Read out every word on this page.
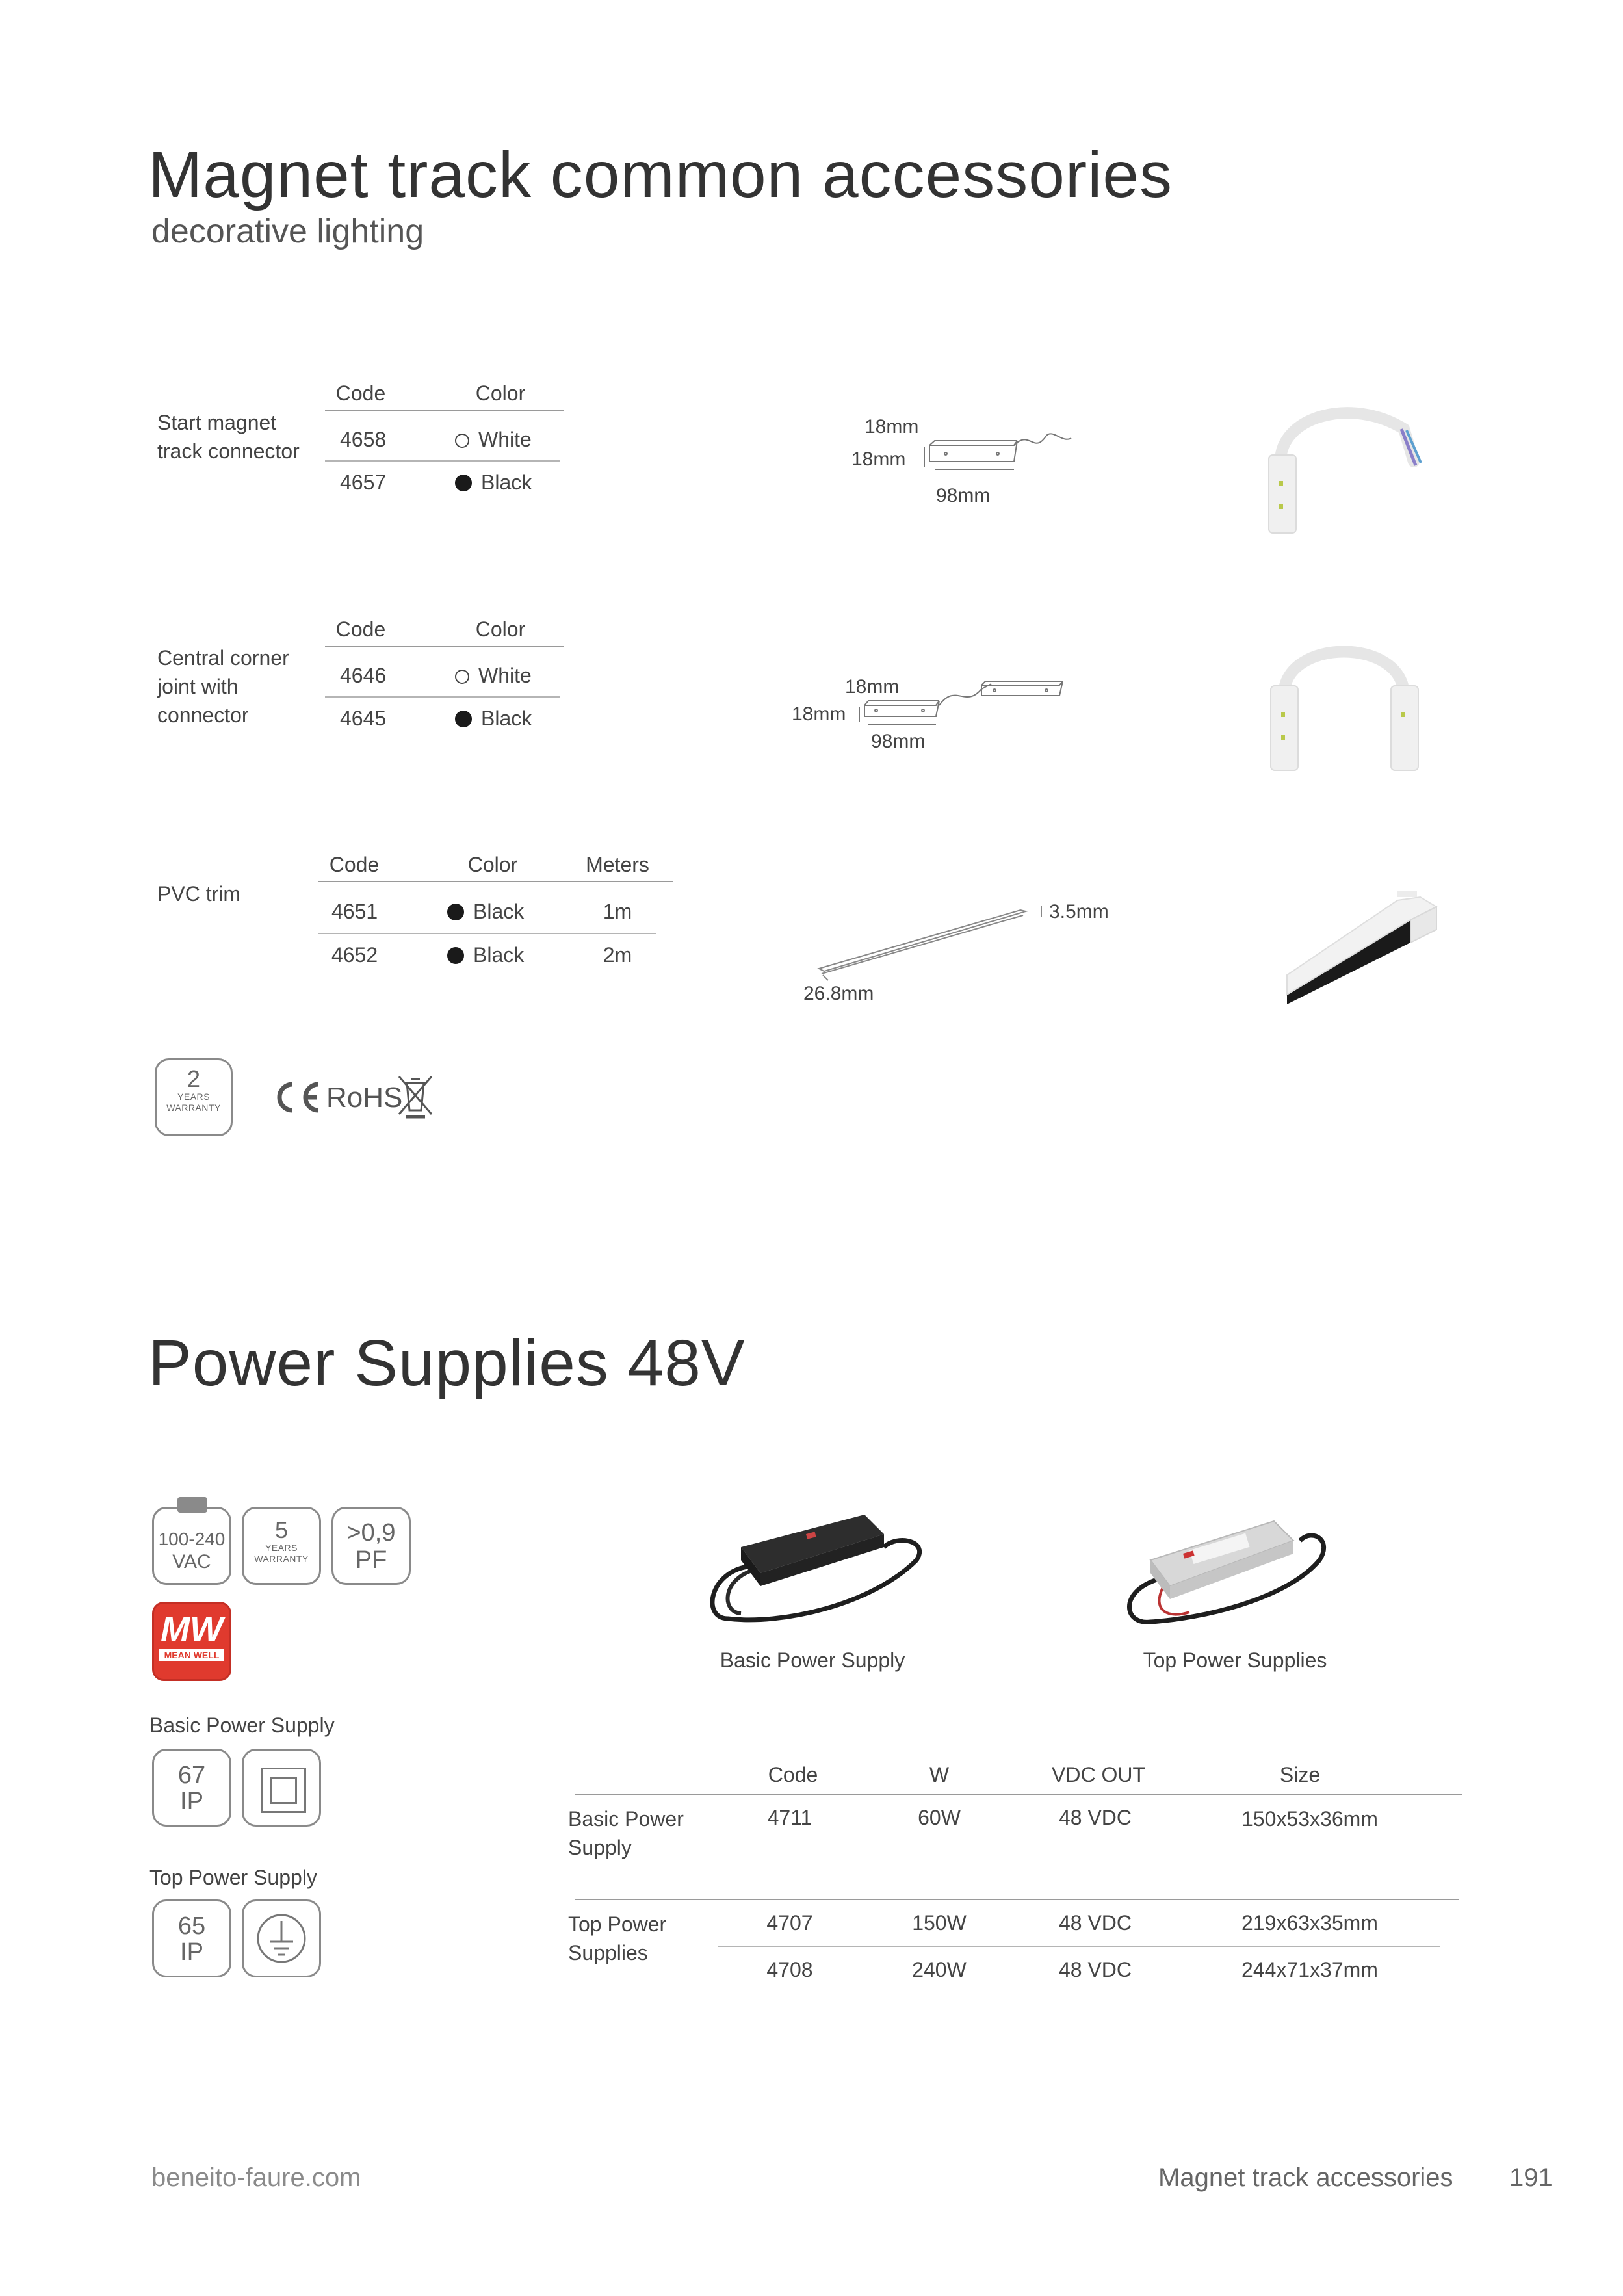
Magnet track common accessories
decorative lighting
Start magnet
track connector
Code	Color
4658	White
4657	Black
18mm
18mm
98mm
Central corner
joint with
connector
Code	Color
4646	White
4645	Black
18mm
18mm
98mm
PVC trim
Code	Color	Meters
4651	Black	1m
4652	Black	2m
3.5mm
26.8mm
2
YEARS
WARRANTY	RoHS
Power Supplies 48V
100-240
VAC
5
YEARS
WARRANTY
>0,9
PF
MW
MEAN WELL
Basic Power Supply
67
IP
Top Power Supply
65
IP
Basic Power Supply	Top Power Supplies
Code	W	VDC OUT	Size
Basic Power
Supply
4711	60W	48 VDC	150x53x36mm
Top Power
Supplies
4707	150W	48 VDC	219x63x35mm
4708	240W	48 VDC	244x71x37mm
beneito-faure.com	Magnet track accessories 191
